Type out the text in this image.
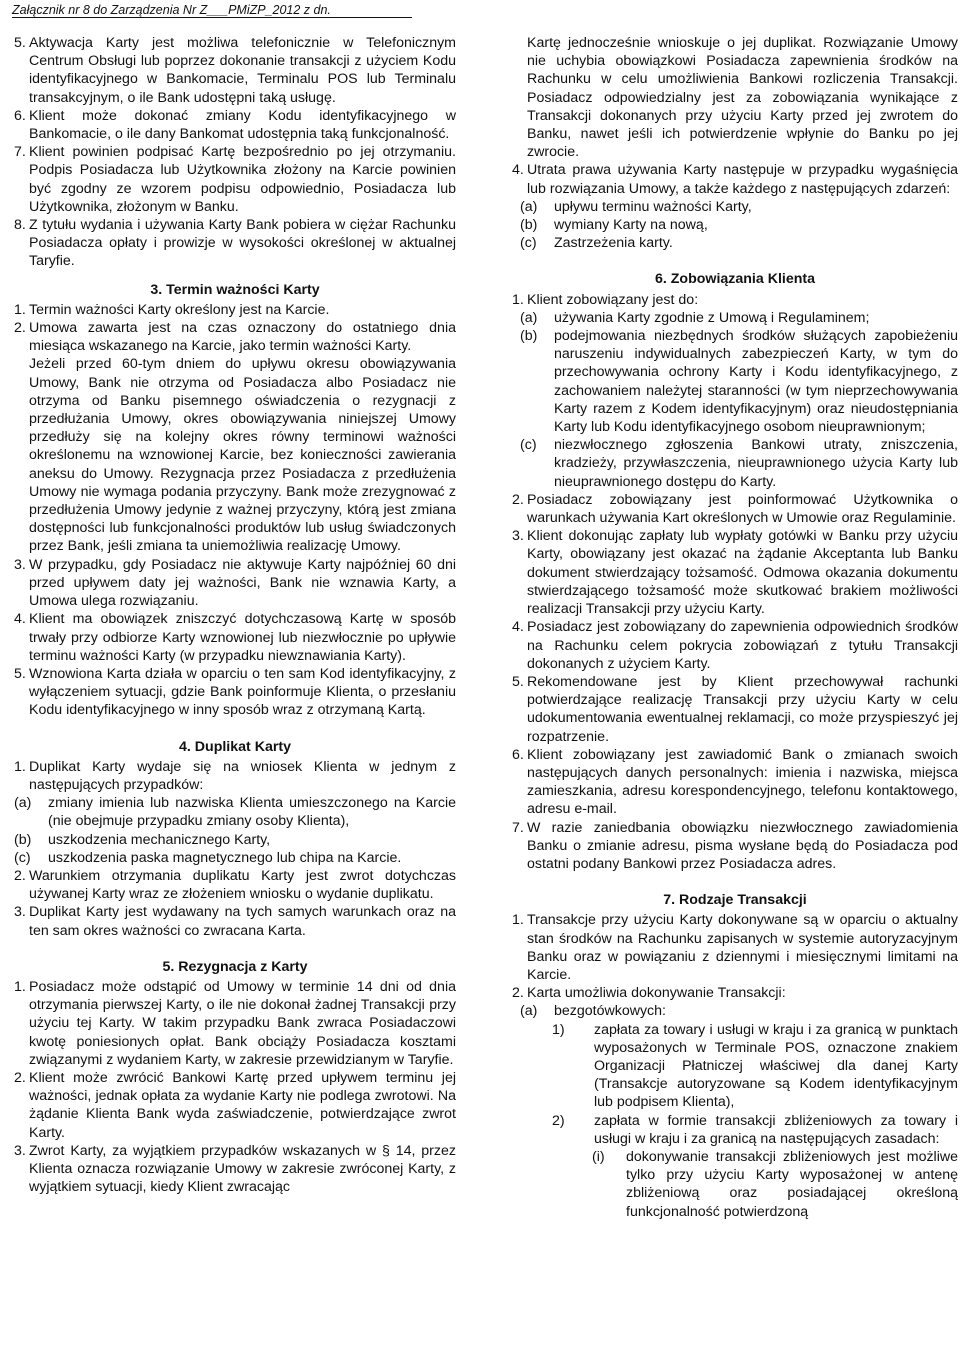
Załącznik nr 8 do Zarządzenia Nr Z___PMiZP_2012 z dn.
5. Aktywacja Karty jest możliwa telefonicznie w Telefonicznym Centrum Obsługi lub poprzez dokonanie transakcji z użyciem Kodu identyfikacyjnego w Bankomacie, Terminalu POS lub Terminalu transakcyjnym, o ile Bank udostępni taką usługę.
6. Klient może dokonać zmiany Kodu identyfikacyjnego w Bankomacie, o ile dany Bankomat udostępnia taką funkcjonalność.
7. Klient powinien podpisać Kartę bezpośrednio po jej otrzymaniu. Podpis Posiadacza lub Użytkownika złożony na Karcie powinien być zgodny ze wzorem podpisu odpowiednio, Posiadacza lub Użytkownika, złożonym w Banku.
8. Z tytułu wydania i używania Karty Bank pobiera w ciężar Rachunku Posiadacza opłaty i prowizje w wysokości określonej w aktualnej Taryfie.
3. Termin ważności Karty
1. Termin ważności Karty określony jest na Karcie.
2. Umowa zawarta jest na czas oznaczony do ostatniego dnia miesiąca wskazanego na Karcie, jako termin ważności Karty.
Jeżeli przed 60-tym dniem do upływu okresu obowiązywania Umowy, Bank nie otrzyma od Posiadacza albo Posiadacz nie otrzyma od Banku pisemnego oświadczenia o rezygnacji z przedłużania Umowy, okres obowiązywania niniejszej Umowy przedłuży się na kolejny okres równy terminowi ważności określonemu na wznowionej Karcie, bez konieczności zawierania aneksu do Umowy. Rezygnacja przez Posiadacza z przedłużenia Umowy nie wymaga podania przyczyny. Bank może zrezygnować z przedłużenia Umowy jedynie z ważnej przyczyny, którą jest zmiana dostępności lub funkcjonalności produktów lub usług świadczonych przez Bank, jeśli zmiana ta uniemożliwia realizację Umowy.
3. W przypadku, gdy Posiadacz nie aktywuje Karty najpóźniej 60 dni przed upływem daty jej ważności, Bank nie wznawia Karty, a Umowa ulega rozwiązaniu.
4. Klient ma obowiązek zniszczyć dotychczasową Kartę w sposób trwały przy odbiorze Karty wznowionej lub niezwłocznie po upływie terminu ważności Karty (w przypadku niewznawiania Karty).
5. Wznowiona Karta działa w oparciu o ten sam Kod identyfikacyjny, z wyłączeniem sytuacji, gdzie Bank poinformuje Klienta, o przesłaniu Kodu identyfikacyjnego w inny sposób wraz z otrzymaną Kartą.
4. Duplikat Karty
1. Duplikat Karty wydaje się na wniosek Klienta w jednym z następujących przypadków:
(a)	zmiany imienia lub nazwiska Klienta umieszczonego na Karcie (nie obejmuje przypadku zmiany osoby Klienta),
(b)	uszkodzenia mechanicznego Karty,
(c)	uszkodzenia paska magnetycznego lub chipa na Karcie.
2. Warunkiem otrzymania duplikatu Karty jest zwrot dotychczas używanej Karty wraz ze złożeniem wniosku o wydanie duplikatu.
3. Duplikat Karty jest wydawany na tych samych warunkach oraz na ten sam okres ważności co zwracana Karta.
5. Rezygnacja z Karty
1. Posiadacz może odstąpić od Umowy w terminie 14 dni od dnia otrzymania pierwszej Karty, o ile nie dokonał żadnej Transakcji przy użyciu tej Karty. W takim przypadku Bank zwraca Posiadaczowi kwotę poniesionych opłat. Bank obciąży Posiadacza kosztami związanymi z wydaniem Karty, w zakresie przewidzianym w Taryfie.
2. Klient może zwrócić Bankowi Kartę przed upływem terminu jej ważności, jednak opłata za wydanie Karty nie podlega zwrotowi. Na żądanie Klienta Bank wyda zaświadczenie, potwierdzające zwrot Karty.
3. Zwrot Karty, za wyjątkiem przypadków wskazanych w § 14, przez Klienta oznacza rozwiązanie Umowy w zakresie zwróconej Karty, z wyjątkiem sytuacji, kiedy Klient zwracając
Kartę jednocześnie wnioskuje o jej duplikat. Rozwiązanie Umowy nie uchybia obowiązkowi Posiadacza zapewnienia środków na Rachunku w celu umożliwienia Bankowi rozliczenia Transakcji. Posiadacz odpowiedzialny jest za zobowiązania wynikające z Transakcji dokonanych przy użyciu Karty przed jej zwrotem do Banku, nawet jeśli ich potwierdzenie wpłynie do Banku po jej zwrocie.
4. Utrata prawa używania Karty następuje w przypadku wygaśnięcia lub rozwiązania Umowy, a także każdego z następujących zdarzeń:
(a)	upływu terminu ważności Karty,
(b)	wymiany Karty na nową,
(c)	Zastrzeżenia karty.
6. Zobowiązania Klienta
1. Klient zobowiązany jest do:
(a)	używania Karty zgodnie z Umową i Regulaminem;
(b)	podejmowania niezbędnych środków służących zapobieżeniu naruszeniu indywidualnych zabezpieczeń Karty, w tym do przechowywania ochrony Karty i Kodu identyfikacyjnego, z zachowaniem należytej staranności (w tym nieprzechowywania Karty razem z Kodem identyfikacyjnym) oraz nieudostępniania Karty lub Kodu identyfikacyjnego osobom nieuprawnionym;
(c)	niezwłocznego zgłoszenia Bankowi utraty, zniszczenia, kradzieży, przywłaszczenia, nieuprawnionego użycia Karty lub nieuprawnionego dostępu do Karty.
2. Posiadacz zobowiązany jest poinformować Użytkownika o warunkach używania Kart określonych w Umowie oraz Regulaminie.
3. Klient dokonując zapłaty lub wypłaty gotówki w Banku przy użyciu Karty, obowiązany jest okazać na żądanie Akceptanta lub Banku dokument stwierdzający tożsamość. Odmowa okazania dokumentu stwierdzającego tożsamość może skutkować brakiem możliwości realizacji Transakcji przy użyciu Karty.
4. Posiadacz jest zobowiązany do zapewnienia odpowiednich środków na Rachunku celem pokrycia zobowiązań z tytułu Transakcji dokonanych z użyciem Karty.
5. Rekomendowane jest by Klient przechowywał rachunki potwierdzające realizację Transakcji przy użyciu Karty w celu udokumentowania ewentualnej reklamacji, co może przyspieszyć jej rozpatrzenie.
6. Klient zobowiązany jest zawiadomić Bank o zmianach swoich następujących danych personalnych: imienia i nazwiska, miejsca zamieszkania, adresu korespondencyjnego, telefonu kontaktowego, adresu e-mail.
7. W razie zaniedbania obowiązku niezwłocznego zawiadomienia Banku o zmianie adresu, pisma wysłane będą do Posiadacza pod ostatni podany Bankowi przez Posiadacza adres.
7. Rodzaje Transakcji
1. Transakcje przy użyciu Karty dokonywane są w oparciu o aktualny stan środków na Rachunku zapisanych w systemie autoryzacyjnym Banku oraz w powiązaniu z dziennymi i miesięcznymi limitami na Karcie.
2. Karta umożliwia dokonywanie Transakcji:
(a)	bezgotówkowych:
1)	zapłata za towary i usługi w kraju i za granicą w punktach wyposażonych w Terminale POS, oznaczone znakiem Organizacji Płatniczej właściwej dla danej Karty (Transakcje autoryzowane są Kodem identyfikacyjnym lub podpisem Klienta),
2)	zapłata w formie transakcji zbliżeniowych za towary i usługi w kraju i za granicą na następujących zasadach:
(i)	dokonywanie transakcji zbliżeniowych jest możliwe tylko przy użyciu Karty wyposażonej w antenę zbliżeniową oraz posiadającej określoną funkcjonalność potwierdzoną
